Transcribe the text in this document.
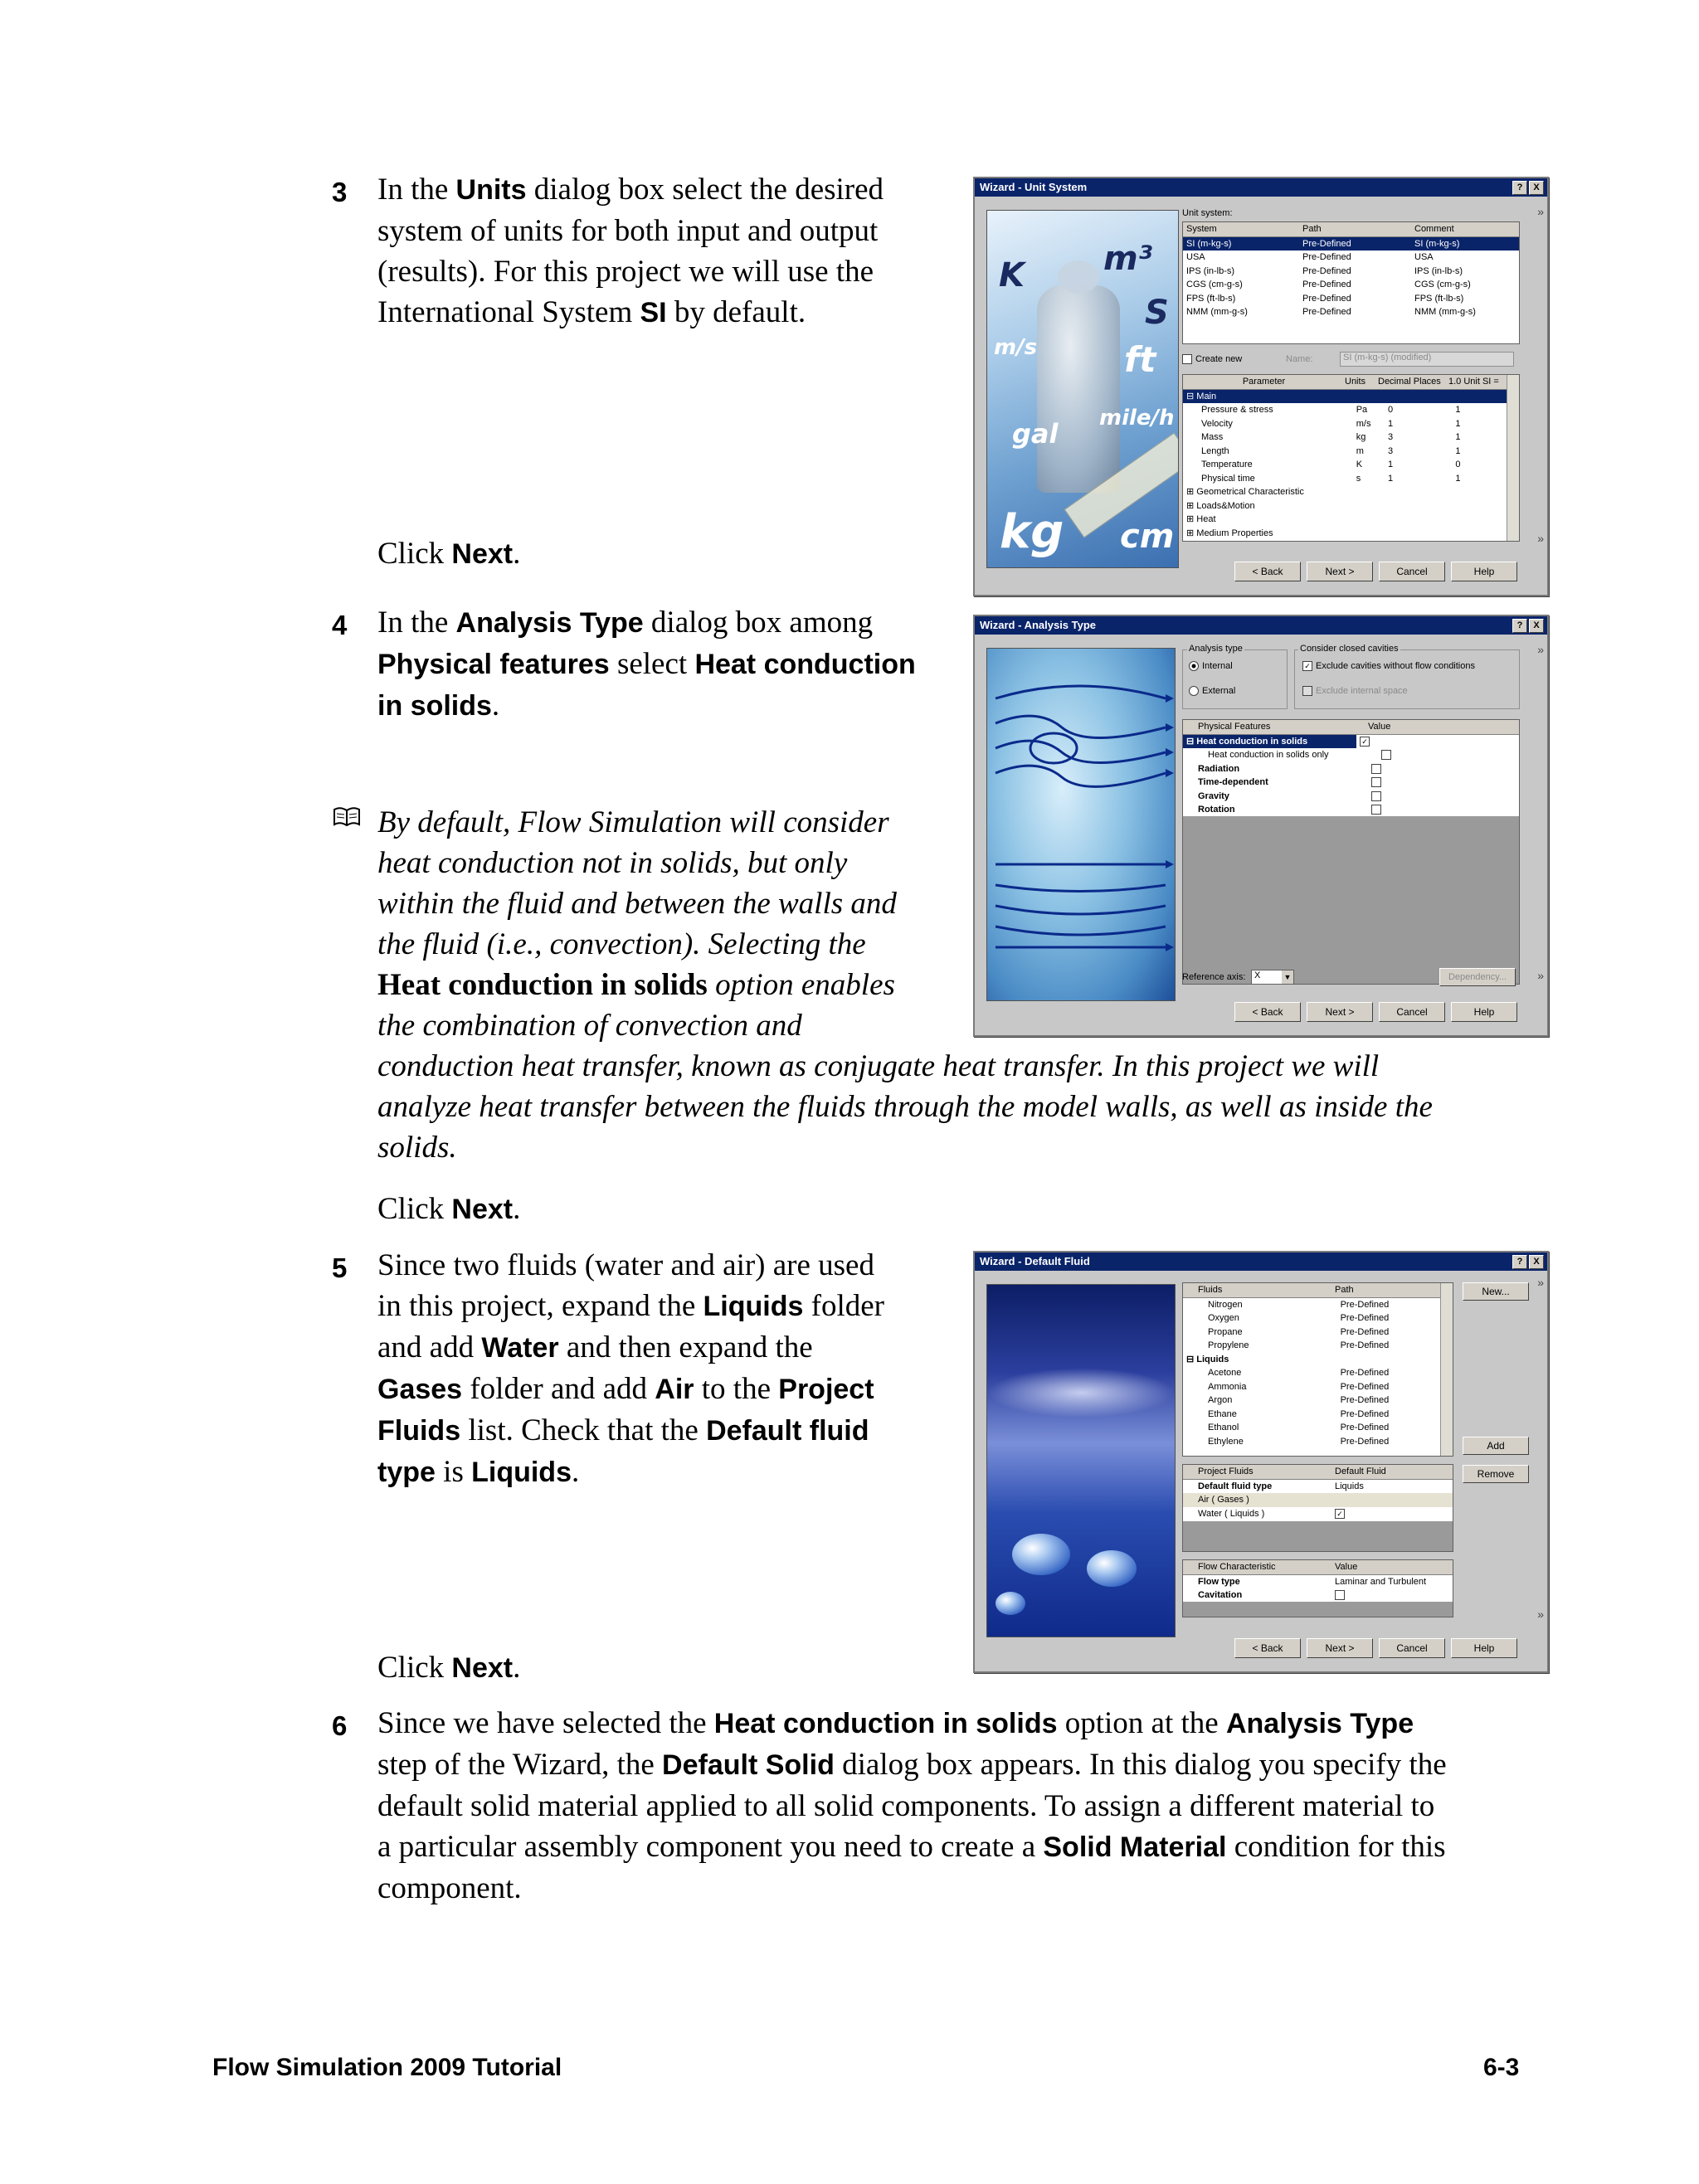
3 In the Units dialog box select the desired
system of units for both input and output
(results). For this project we will use the
International System SI by default.
Click Next.
Wizard - Unit System	?	X
»
K m³
S
m/s ft
gal mile/h
kg cm
Unit system:
System	Path	Comment
SI (m-kg-s)	Pre-Defined	SI (m-kg-s)
USA	Pre-Defined	USA
IPS (in-lb-s)	Pre-Defined	IPS (in-lb-s)
CGS (cm-g-s)	Pre-Defined	CGS (cm-g-s)
FPS (ft-lb-s)	Pre-Defined	FPS (ft-lb-s)
NMM (mm-g-s)	Pre-Defined	NMM (mm-g-s)
Create new	Name:	SI (m-kg-s) (modified)
Parameter	Units	Decimal Places 1.0 Unit SI =
⊟ Main
Pressure & stress	Pa	0	1
Velocity	m/s	1	1
Mass	kg	3	1
Length	m	3	1
Temperature	K	1	0
Physical time	s	1	1
⊞ Geometrical Characteristic
⊞ Loads&Motion
⊞ Heat
⊞ Medium Properties	»
< Back	Next >	Cancel	Help
4 In the Analysis Type dialog box among
Physical features select Heat conduction
in solids.
By default, Flow Simulation will consider
heat conduction not in solids, but only
within the fluid and between the walls and
the fluid (i.e., convection). Selecting the
Heat conduction in solids option enables
the combination of convection and
conduction heat transfer, known as conjugate heat transfer. In this project we will
analyze heat transfer between the fluids through the model walls, as well as inside the
solids.
Click Next.
Wizard - Analysis Type	?	X
»
Analysis type
Internal
External
Consider closed cavities
✓ Exclude cavities without flow conditions
Exclude internal space
Physical Features	Value
⊟ Heat conduction in solids	✓
Heat conduction in solids only
Radiation
Time-dependent
Gravity
Rotation
Reference axis: X	▼	Dependency...	»
< Back	Next >	Cancel	Help
5 Since two fluids (water and air) are used
in this project, expand the Liquids folder
and add Water and then expand the
Gases folder and add Air to the Project
Fluids list. Check that the Default fluid
type is Liquids.
Click Next.
Wizard - Default Fluid	?	X
»
Fluids	Path
Nitrogen	Pre-Defined
Oxygen	Pre-Defined
Propane	Pre-Defined
Propylene	Pre-Defined
⊟ Liquids
Acetone	Pre-Defined
Ammonia	Pre-Defined
Argon	Pre-Defined
Ethane	Pre-Defined
Ethanol	Pre-Defined
Ethylene	Pre-Defined
New...
Add
Remove
Project Fluids	Default Fluid
Default fluid type	Liquids
Air ( Gases )
Water ( Liquids )	✓
Flow Characteristic	Value
Flow type	Laminar and Turbulent
Cavitation
»
< Back	Next >	Cancel	Help
6 Since we have selected the Heat conduction in solids option at the Analysis Type
step of the Wizard, the Default Solid dialog box appears. In this dialog you specify the
default solid material applied to all solid components. To assign a different material to
a particular assembly component you need to create a Solid Material condition for this
component.
Flow Simulation 2009 Tutorial	6-3
